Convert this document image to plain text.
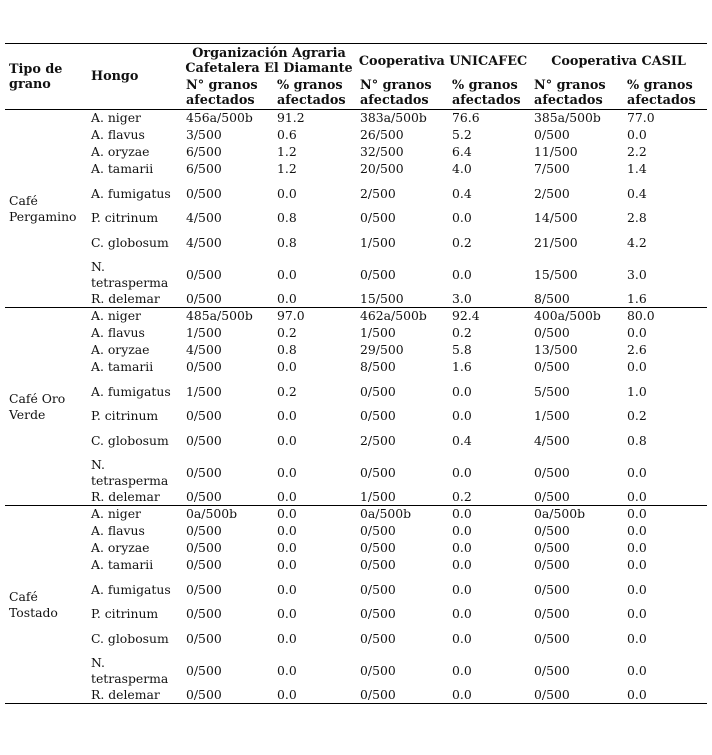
Tipo de grano	Hongo	Organización Agraria Cafetalera El Diamante		Cooperativa UNICAFEC		Cooperativa CASIL	
		N° granos afectados	% granos afectados	N° granos afectados	% granos afectados	N° granos afectados	% granos afectados
Café Pergamino	A. niger	456a/500b	91.2	383a/500b	76.6	385a/500b	77.0
	A. flavus	3/500	0.6	26/500	5.2	0/500	0.0
	A. oryzae	6/500	1.2	32/500	6.4	11/500	2.2
	A. tamarii	6/500	1.2	20/500	4.0	7/500	1.4
	A. fumigatus	0/500	0.0	2/500	0.4	2/500	0.4
	P. citrinum	4/500	0.8	0/500	0.0	14/500	2.8
	C. globosum	4/500	0.8	1/500	0.2	21/500	4.2
	N. tetrasperma	0/500	0.0	0/500	0.0	15/500	3.0
	R. delemar	0/500	0.0	15/500	3.0	8/500	1.6
Café Oro Verde	A. niger	485a/500b	97.0	462a/500b	92.4	400a/500b	80.0
	A. flavus	1/500	0.2	1/500	0.2	0/500	0.0
	A. oryzae	4/500	0.8	29/500	5.8	13/500	2.6
	A. tamarii	0/500	0.0	8/500	1.6	0/500	0.0
	A. fumigatus	1/500	0.2	0/500	0.0	5/500	1.0
	P. citrinum	0/500	0.0	0/500	0.0	1/500	0.2
	C. globosum	0/500	0.0	2/500	0.4	4/500	0.8
	N. tetrasperma	0/500	0.0	0/500	0.0	0/500	0.0
	R. delemar	0/500	0.0	1/500	0.2	0/500	0.0
Café Tostado	A. niger	0a/500b	0.0	0a/500b	0.0	0a/500b	0.0
	A. flavus	0/500	0.0	0/500	0.0	0/500	0.0
	A. oryzae	0/500	0.0	0/500	0.0	0/500	0.0
	A. tamarii	0/500	0.0	0/500	0.0	0/500	0.0
	A. fumigatus	0/500	0.0	0/500	0.0	0/500	0.0
	P. citrinum	0/500	0.0	0/500	0.0	0/500	0.0
	C. globosum	0/500	0.0	0/500	0.0	0/500	0.0
	N. tetrasperma	0/500	0.0	0/500	0.0	0/500	0.0
	R. delemar	0/500	0.0	0/500	0.0	0/500	0.0
